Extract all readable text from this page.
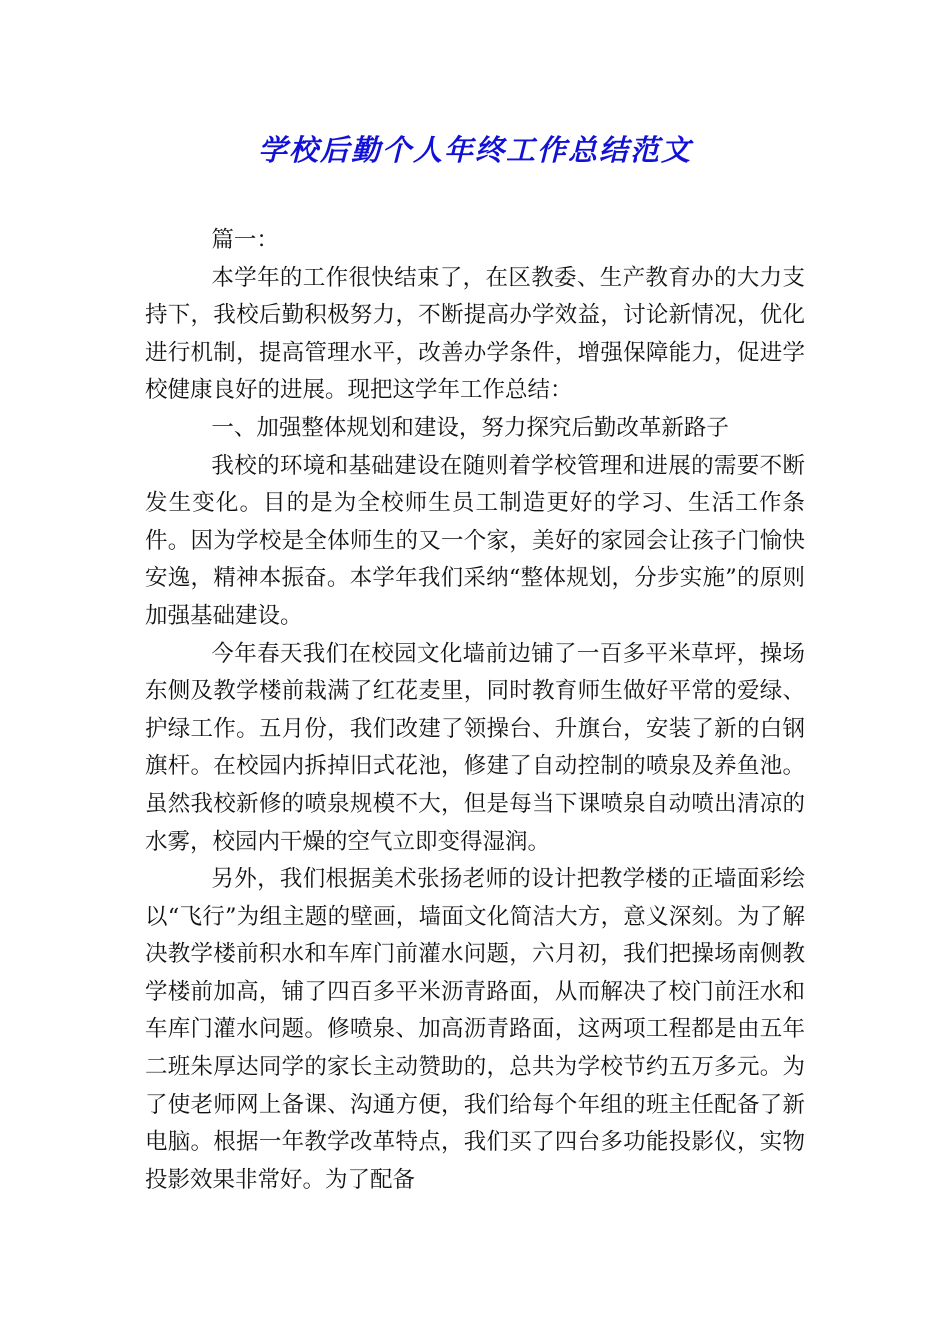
学校后勤个人年终工作总结范文

篇一：

本学年的工作很快结束了，在区教委、生产教育办的大力支持下，我校后勤积极努力，不断提高办学效益，讨论新情况，优化进行机制，提高管理水平，改善办学条件，增强保障能力，促进学校健康良好的进展。现把这学年工作总结：

一、加强整体规划和建设，努力探究后勤改革新路子

我校的环境和基础建设在随则着学校管理和进展的需要不断发生变化。目的是为全校师生员工制造更好的学习、生活工作条件。因为学校是全体师生的又一个家，美好的家园会让孩子门愉快安逸，精神本振奋。本学年我们采纳“整体规划，分步实施”的原则加强基础建设。

今年春天我们在校园文化墙前边铺了一百多平米草坪，操场东侧及教学楼前栽满了红花麦里，同时教育师生做好平常的爱绿、护绿工作。五月份，我们改建了领操台、升旗台，安装了新的白钢旗杆。在校园内拆掉旧式花池，修建了自动控制的喷泉及养鱼池。虽然我校新修的喷泉规模不大，但是每当下课喷泉自动喷出清凉的水雾，校园内干燥的空气立即变得湿润。

另外，我们根据美术张扬老师的设计把教学楼的正墙面彩绘以“飞行”为组主题的壁画，墙面文化简洁大方，意义深刻。为了解决教学楼前积水和车库门前灌水问题，六月初，我们把操场南侧教学楼前加高，铺了四百多平米沥青路面，从而解决了校门前汪水和车库门灌水问题。修喷泉、加高沥青路面，这两项工程都是由五年二班朱厚达同学的家长主动赞助的，总共为学校节约五万多元。为了使老师网上备课、沟通方便，我们给每个年组的班主任配备了新电脑。根据一年教学改革特点，我们买了四台多功能投影仪，实物投影效果非常好。为了配备
